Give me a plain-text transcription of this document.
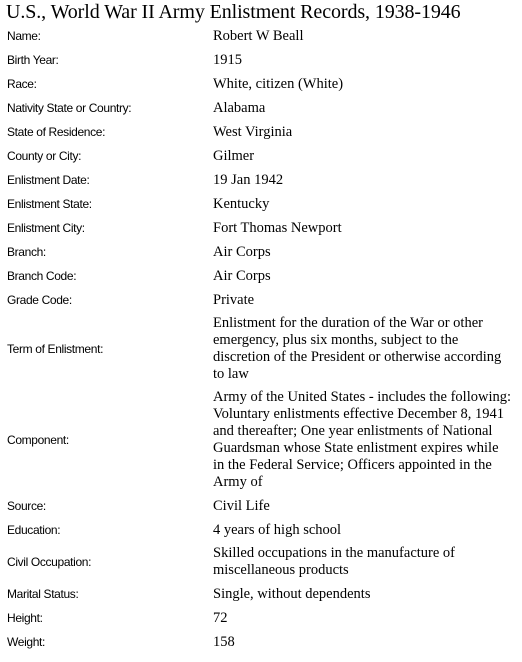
U.S., World War II Army Enlistment Records, 1938-1946
Name:	Robert W Beall
Birth Year:	1915
Race:	White, citizen (White)
Nativity State or Country:	Alabama
State of Residence:	West Virginia
County or City:	Gilmer
Enlistment Date:	19 Jan 1942
Enlistment State:	Kentucky
Enlistment City:	Fort Thomas Newport
Branch:	Air Corps
Branch Code:	Air Corps
Grade Code:	Private
Term of Enlistment:	Enlistment for the duration of the War or other emergency, plus six months, subject to the discretion of the President or otherwise according to law

Component:	Army of the United States - includes the following: Voluntary enlistments effective December 8, 1941 and thereafter; One year enlistments of National Guardsman whose State enlistment expires while in the Federal Service; Officers appointed in the Army of

Source:	Civil Life
Education:	4 years of high school
Civil Occupation:	Skilled occupations in the manufacture of miscellaneous products

Marital Status:	Single, without dependents
Height:	72
Weight:	158
